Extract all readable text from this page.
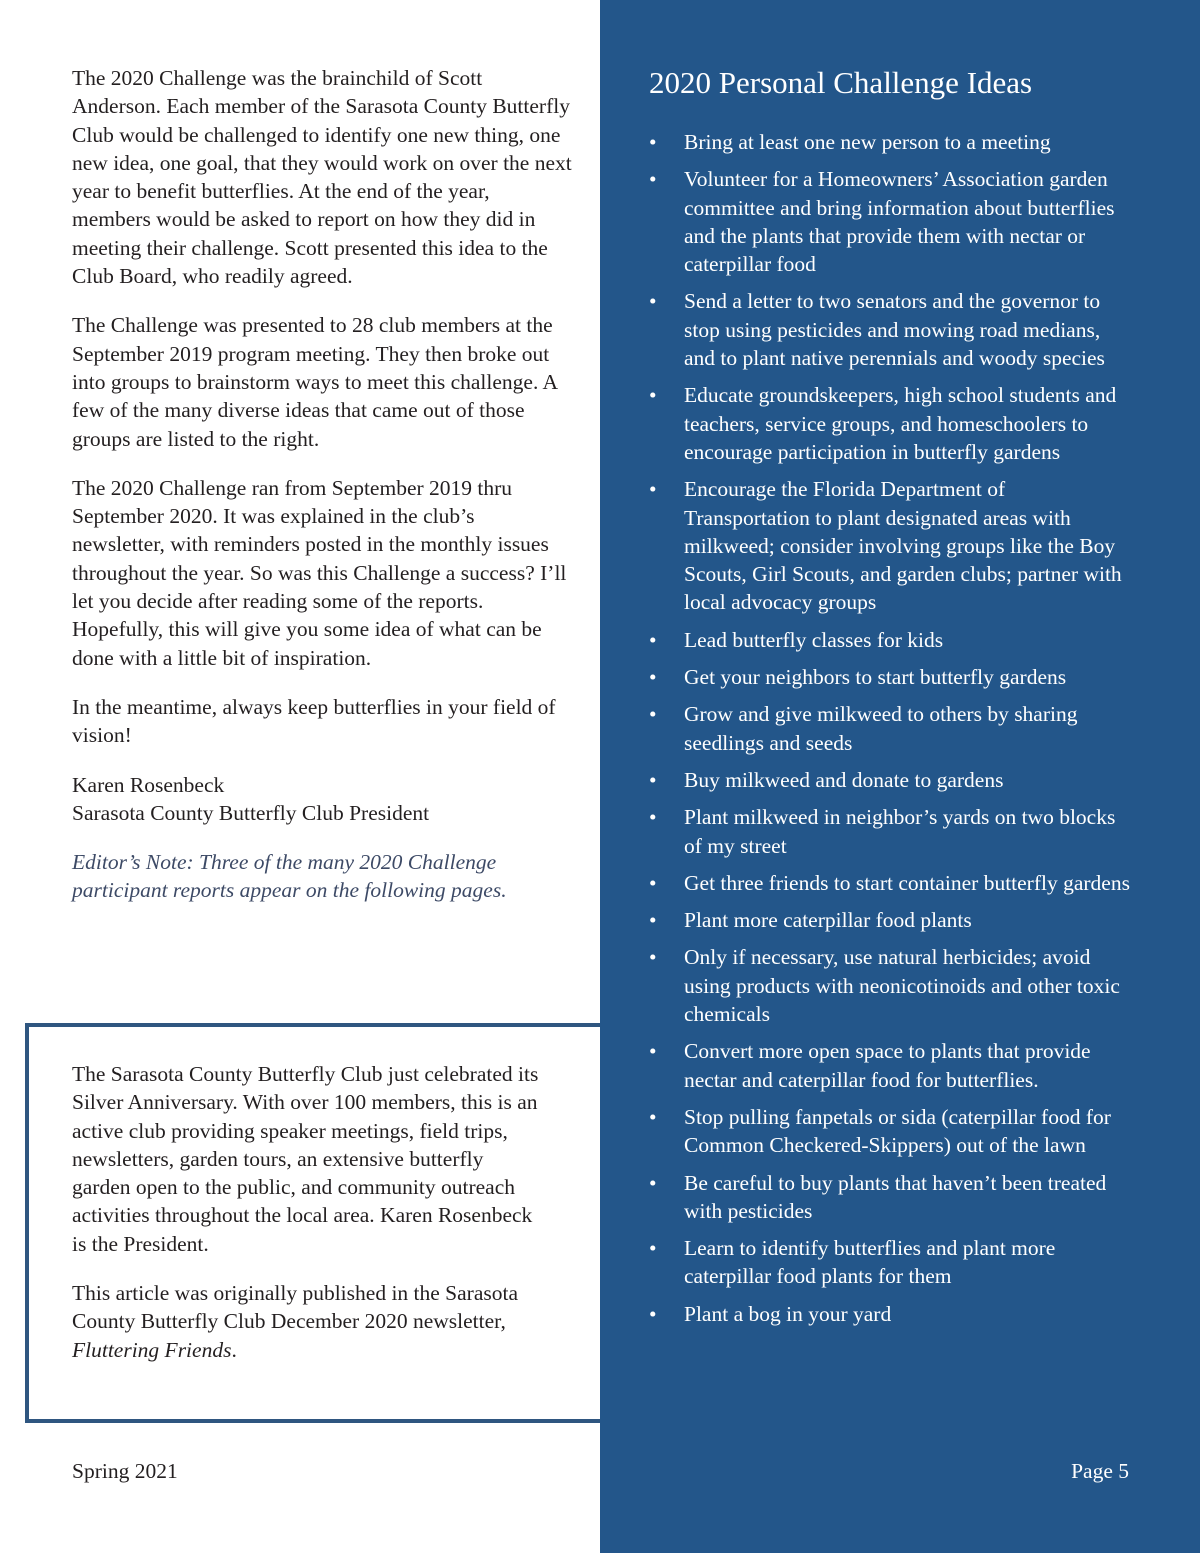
The 2020 Challenge was the brainchild of Scott Anderson. Each member of the Sarasota County Butterfly Club would be challenged to identify one new thing, one new idea, one goal, that they would work on over the next year to benefit butterflies. At the end of the year, members would be asked to report on how they did in meeting their challenge. Scott presented this idea to the Club Board, who readily agreed.

The Challenge was presented to 28 club members at the September 2019 program meeting. They then broke out into groups to brainstorm ways to meet this challenge. A few of the many diverse ideas that came out of those groups are listed to the right.

The 2020 Challenge ran from September 2019 thru September 2020. It was explained in the club’s newsletter, with reminders posted in the monthly issues throughout the year. So was this Challenge a success? I’ll let you decide after reading some of the reports. Hopefully, this will give you some idea of what can be done with a little bit of inspiration.

In the meantime, always keep butterflies in your field of vision!

Karen Rosenbeck
Sarasota County Butterfly Club President

Editor’s Note: Three of the many 2020 Challenge participant reports appear on the following pages.

The Sarasota County Butterfly Club just celebrated its Silver Anniversary. With over 100 members, this is an active club providing speaker meetings, field trips, newsletters, garden tours, an extensive butterfly garden open to the public, and community outreach activities throughout the local area. Karen Rosenbeck is the President.

This article was originally published in the Sarasota County Butterfly Club December 2020 newsletter, Fluttering Friends.

2020 Personal Challenge Ideas
• Bring at least one new person to a meeting
• Volunteer for a Homeowners’ Association garden committee and bring information about butterflies and the plants that provide them with nectar or caterpillar food
• Send a letter to two senators and the governor to stop using pesticides and mowing road medians, and to plant native perennials and woody species
• Educate groundskeepers, high school students and teachers, service groups, and homeschoolers to encourage participation in butterfly gardens
• Encourage the Florida Department of Transportation to plant designated areas with milkweed; consider involving groups like the Boy Scouts, Girl Scouts, and garden clubs; partner with local advocacy groups
• Lead butterfly classes for kids
• Get your neighbors to start butterfly gardens
• Grow and give milkweed to others by sharing seedlings and seeds
• Buy milkweed and donate to gardens
• Plant milkweed in neighbor’s yards on two blocks of my street
• Get three friends to start container butterfly gardens
• Plant more caterpillar food plants
• Only if necessary, use natural herbicides; avoid using products with neonicotinoids and other toxic chemicals
• Convert more open space to plants that provide nectar and caterpillar food for butterflies.
• Stop pulling fanpetals or sida (caterpillar food for Common Checkered-Skippers) out of the lawn
• Be careful to buy plants that haven’t been treated with pesticides
• Learn to identify butterflies and plant more caterpillar food plants for them
• Plant a bog in your yard
Page 5
Spring 2021
